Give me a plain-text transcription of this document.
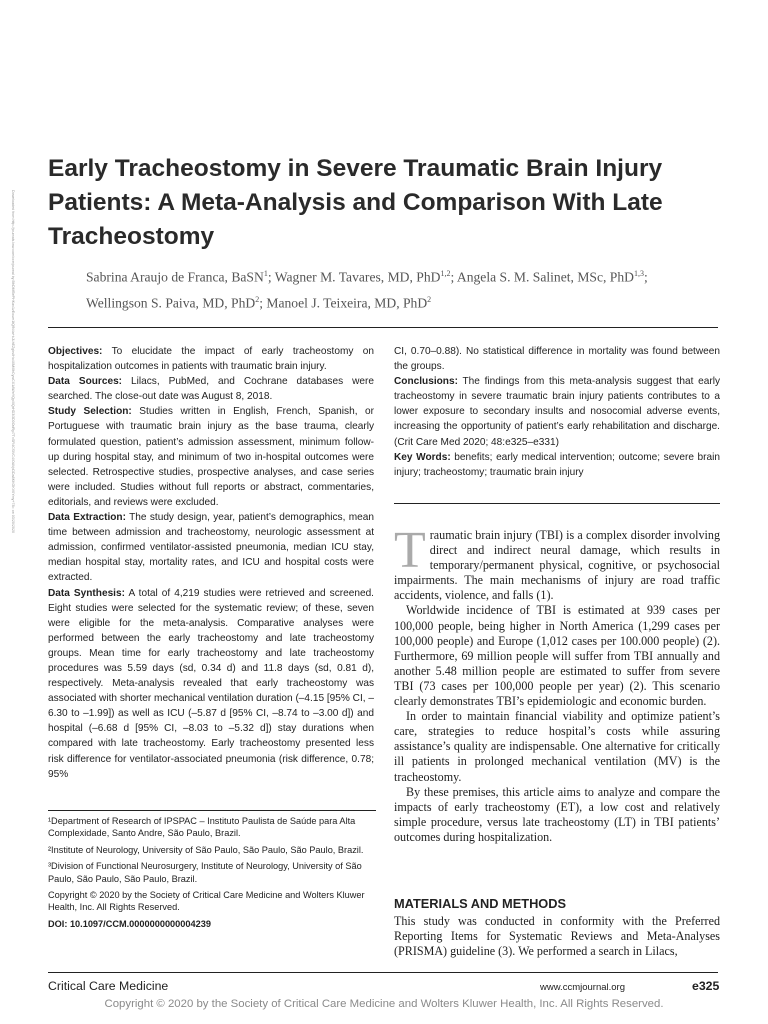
Downloaded from http://journals.lww.com/ccmjournal by BhDMf5ePHKav1zEoum1tQfN4a+kJLhEZgbsIHo4XMi0hCywCX1AWnYQp/IlQrHD3i3D0OdRyi7TvSFl4Cf3VC4/OAVpDDa8KKGKV0Ymy+78= on 03/20/2020
Early Tracheostomy in Severe Traumatic Brain Injury Patients: A Meta-Analysis and Comparison With Late Tracheostomy
Sabrina Araujo de Franca, BaSN$^1$; Wagner M. Tavares, MD, PhD$^{1,2}$; Angela S. M. Salinet, MSc, PhD$^{1,3}$;
Wellingson S. Paiva, MD, PhD$^2$; Manoel J. Teixeira, MD, PhD$^2$

Objectives: To elucidate the impact of early tracheostomy on hospitalization outcomes in patients with traumatic brain injury.

Data Sources: Lilacs, PubMed, and Cochrane databases were searched. The close-out date was August 8, 2018.

Study Selection: Studies written in English, French, Spanish, or Portuguese with traumatic brain injury as the base trauma, clearly formulated question, patient’s admission assessment, minimum follow-up during hospital stay, and minimum of two in-hospital outcomes were selected. Retrospective studies, prospective analyses, and case series were included. Studies without full reports or abstract, commentaries, editorials, and reviews were excluded.

Data Extraction: The study design, year, patient’s demographics, mean time between admission and tracheostomy, neurologic assessment at admission, confirmed ventilator-assisted pneumonia, median ICU stay, median hospital stay, mortality rates, and ICU and hospital costs were extracted.

Data Synthesis: A total of 4,219 studies were retrieved and screened. Eight studies were selected for the systematic review; of these, seven were eligible for the meta-analysis. Comparative analyses were performed between the early tracheostomy and late tracheostomy groups. Mean time for early tracheostomy and late tracheostomy procedures was 5.59 days (sd, 0.34 d) and 11.8 days (sd, 0.81 d), respectively. Meta-analysis revealed that early tracheostomy was associated with shorter mechanical ventilation duration (–4.15 [95% CI, –6.30 to –1.99]) as well as ICU (–5.87 d [95% CI, –8.74 to –3.00 d]) and hospital (–6.68 d [95% CI, –8.03 to –5.32 d]) stay durations when compared with late tracheostomy. Early tracheostomy presented less risk difference for ventilator-associated pneumonia (risk difference, 0.78; 95%

CI, 0.70–0.88). No statistical difference in mortality was found between the groups.

Conclusions: The findings from this meta-analysis suggest that early tracheostomy in severe traumatic brain injury patients contributes to a lower exposure to secondary insults and nosocomial adverse events, increasing the opportunity of patient’s early rehabilitation and discharge. (Crit Care Med 2020; 48:e325–e331)

Key Words: benefits; early medical intervention; outcome; severe brain injury; tracheostomy; traumatic brain injury

Traumatic brain injury (TBI) is a complex disorder involving direct and indirect neural damage, which results in temporary/permanent physical, cognitive, or psychosocial impairments. The main mechanisms of injury are road traffic accidents, violence, and falls (1).

Worldwide incidence of TBI is estimated at 939 cases per 100,000 people, being higher in North America (1,299 cases per 100,000 people) and Europe (1,012 cases per 100.000 people) (2). Furthermore, 69 million people will suffer from TBI annually and another 5.48 million people are estimated to suffer from severe TBI (73 cases per 100,000 people per year) (2). This scenario clearly demonstrates TBI’s epidemiologic and economic burden.

In order to maintain financial viability and optimize patient’s care, strategies to reduce hospital’s costs while assuring assistance’s quality are indispensable. One alternative for critically ill patients in prolonged mechanical ventilation (MV) is the tracheostomy.

By these premises, this article aims to analyze and compare the impacts of early tracheostomy (ET), a low cost and relatively simple procedure, versus late tracheostomy (LT) in TBI patients’ outcomes during hospitalization.

MATERIALS AND METHODS

This study was conducted in conformity with the Preferred Reporting Items for Systematic Reviews and Meta-Analyses (PRISMA) guideline (3). We performed a search in Lilacs,

¹Department of Research of IPSPAC – Instituto Paulista de Saúde para Alta Complexidade, Santo Andre, São Paulo, Brazil.

²Institute of Neurology, University of São Paulo, São Paulo, São Paulo, Brazil.

³Division of Functional Neurosurgery, Institute of Neurology, University of São Paulo, São Paulo, São Paulo, Brazil.

Copyright © 2020 by the Society of Critical Care Medicine and Wolters Kluwer Health, Inc. All Rights Reserved.

DOI: 10.1097/CCM.0000000000004239

Critical Care Medicine	www.ccmjournal.org	e325
Copyright © 2020 by the Society of Critical Care Medicine and Wolters Kluwer Health, Inc. All Rights Reserved.
